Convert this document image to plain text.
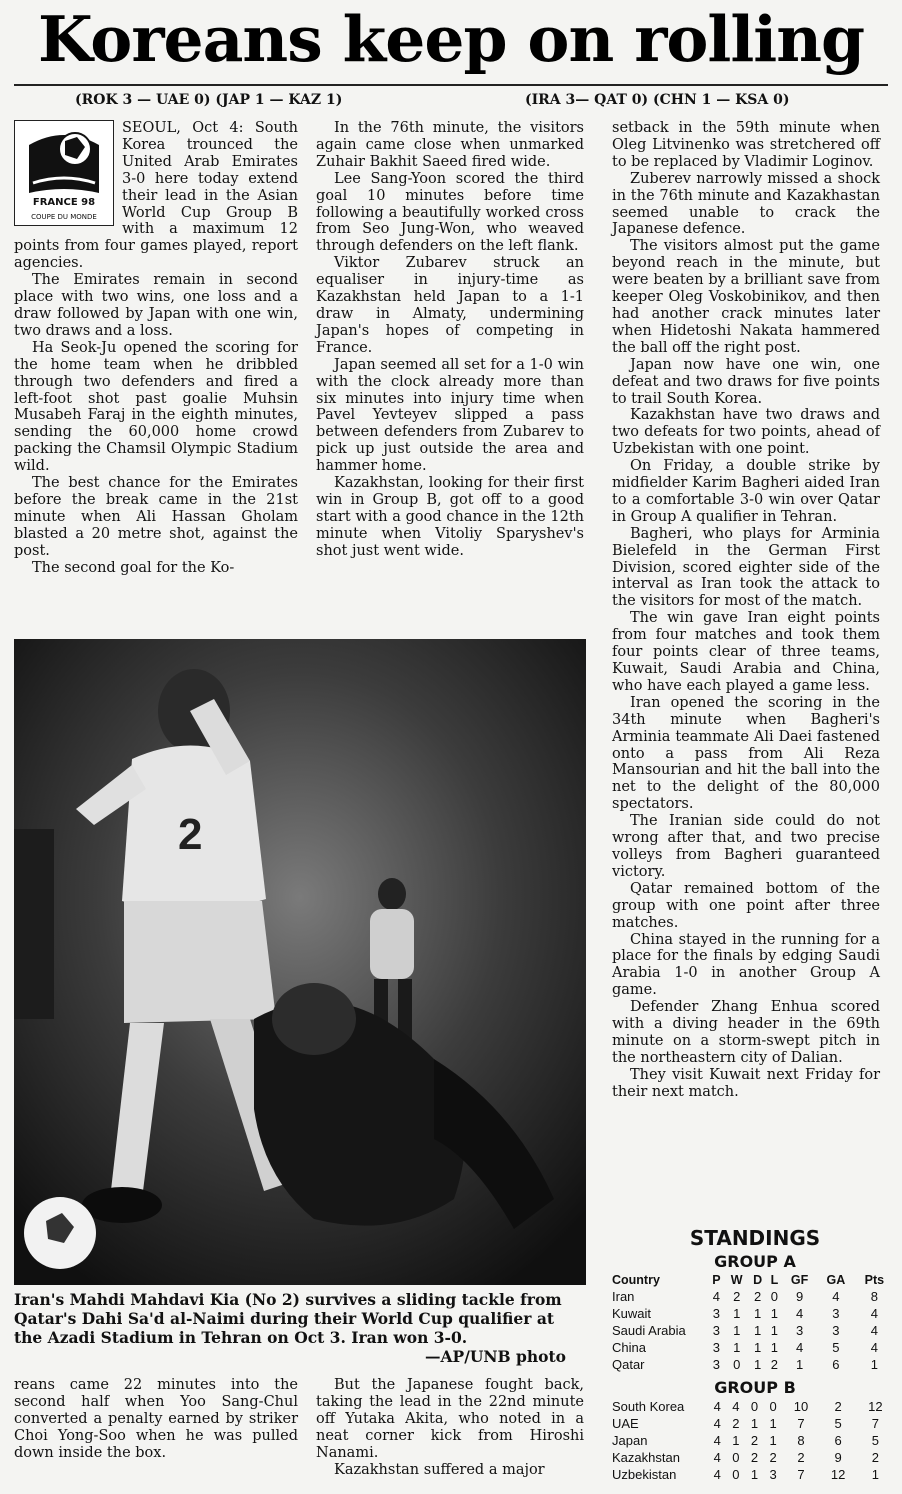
Koreans keep on rolling
(ROK 3 — UAE 0) (JAP 1 — KAZ 1)	(IRA 3— QAT 0) (CHN 1 — KSA 0)
FRANCE 98
COUPE DU MONDE

SEOUL, Oct 4: South Korea trounced the United Arab Emirates 3-0 here today extend their lead in the Asian World Cup Group B with a maximum 12 points from four games played, report agencies.

The Emirates remain in second place with two wins, one loss and a draw followed by Japan with one win, two draws and a loss.

Ha Seok-Ju opened the scoring for the home team when he dribbled through two defenders and fired a left-foot shot past goalie Muhsin Musabeh Faraj in the eighth minutes, sending the 60,000 home crowd packing the Chamsil Olympic Stadium wild.

The best chance for the Emirates before the break came in the 21st minute when Ali Hassan Gholam blasted a 20 metre shot, against the post.

The second goal for the Ko-

In the 76th minute, the visitors again came close when unmarked Zuhair Bakhit Saeed fired wide.

Lee Sang-Yoon scored the third goal 10 minutes before time following a beautifully worked cross from Seo Jung-Won, who weaved through defenders on the left flank.

Viktor Zubarev struck an equaliser in injury-time as Kazakhstan held Japan to a 1-1 draw in Almaty, undermining Japan's hopes of competing in France.

Japan seemed all set for a 1-0 win with the clock already more than six minutes into injury time when Pavel Yevteyev slipped a pass between defenders from Zubarev to pick up just outside the area and hammer home.

Kazakhstan, looking for their first win in Group B, got off to a good start with a good chance in the 12th minute when Vitoliy Sparyshev's shot just went wide.

setback in the 59th minute when Oleg Litvinenko was stretchered off to be replaced by Vladimir Loginov.

Zuberev narrowly missed a shock in the 76th minute and Kazakhastan seemed unable to crack the Japanese defence.

The visitors almost put the game beyond reach in the minute, but were beaten by a brilliant save from keeper Oleg Voskobinikov, and then had another crack minutes later when Hidetoshi Nakata hammered the ball off the right post.

Japan now have one win, one defeat and two draws for five points to trail South Korea.

Kazakhstan have two draws and two defeats for two points, ahead of Uzbekistan with one point.

On Friday, a double strike by midfielder Karim Bagheri aided Iran to a comfortable 3-0 win over Qatar in Group A qualifier in Tehran.

Bagheri, who plays for Arminia Bielefeld in the German First Division, scored eighter side of the interval as Iran took the attack to the visitors for most of the match.

The win gave Iran eight points from four matches and took them four points clear of three teams, Kuwait, Saudi Arabia and China, who have each played a game less.

Iran opened the scoring in the 34th minute when Bagheri's Arminia teammate Ali Daei fastened onto a pass from Ali Reza Mansourian and hit the ball into the net to the delight of the 80,000 spectators.

The Iranian side could do not wrong after that, and two precise volleys from Bagheri guaranteed victory.

Qatar remained bottom of the group with one point after three matches.

China stayed in the running for a place for the finals by edging Saudi Arabia 1-0 in another Group A game.

Defender Zhang Enhua scored with a diving header in the 69th minute on a storm-swept pitch in the northeastern city of Dalian.

They visit Kuwait next Friday for their next match.

2
Iran's Mahdi Mahdavi Kia (No 2) survives a sliding tackle from Qatar's Dahi Sa'd al-Naimi during their World Cup qualifier at the Azadi Stadium in Tehran on Oct 3. Iran won 3-0.
—AP/UNB photo

reans came 22 minutes into the second half when Yoo Sang-Chul converted a penalty earned by striker Choi Yong-Soo when he was pulled down inside the box.

But the Japanese fought back, taking the lead in the 22nd minute off Yutaka Akita, who noted in a neat corner kick from Hiroshi Nanami.

Kazakhstan suffered a major

STANDINGS
GROUP A
Country	P	W	D	L	GF	GA	Pts
Iran	4	2	2	0	9	4	8
Kuwait	3	1	1	1	4	3	4
Saudi Arabia	3	1	1	1	3	3	4
China	3	1	1	1	4	5	4
Qatar	3	0	1	2	1	6	1
GROUP B
South Korea	4	4	0	0	10	2	12
UAE	4	2	1	1	7	5	7
Japan	4	1	2	1	8	6	5
Kazakhstan	4	0	2	2	2	9	2
Uzbekistan	4	0	1	3	7	12	1
